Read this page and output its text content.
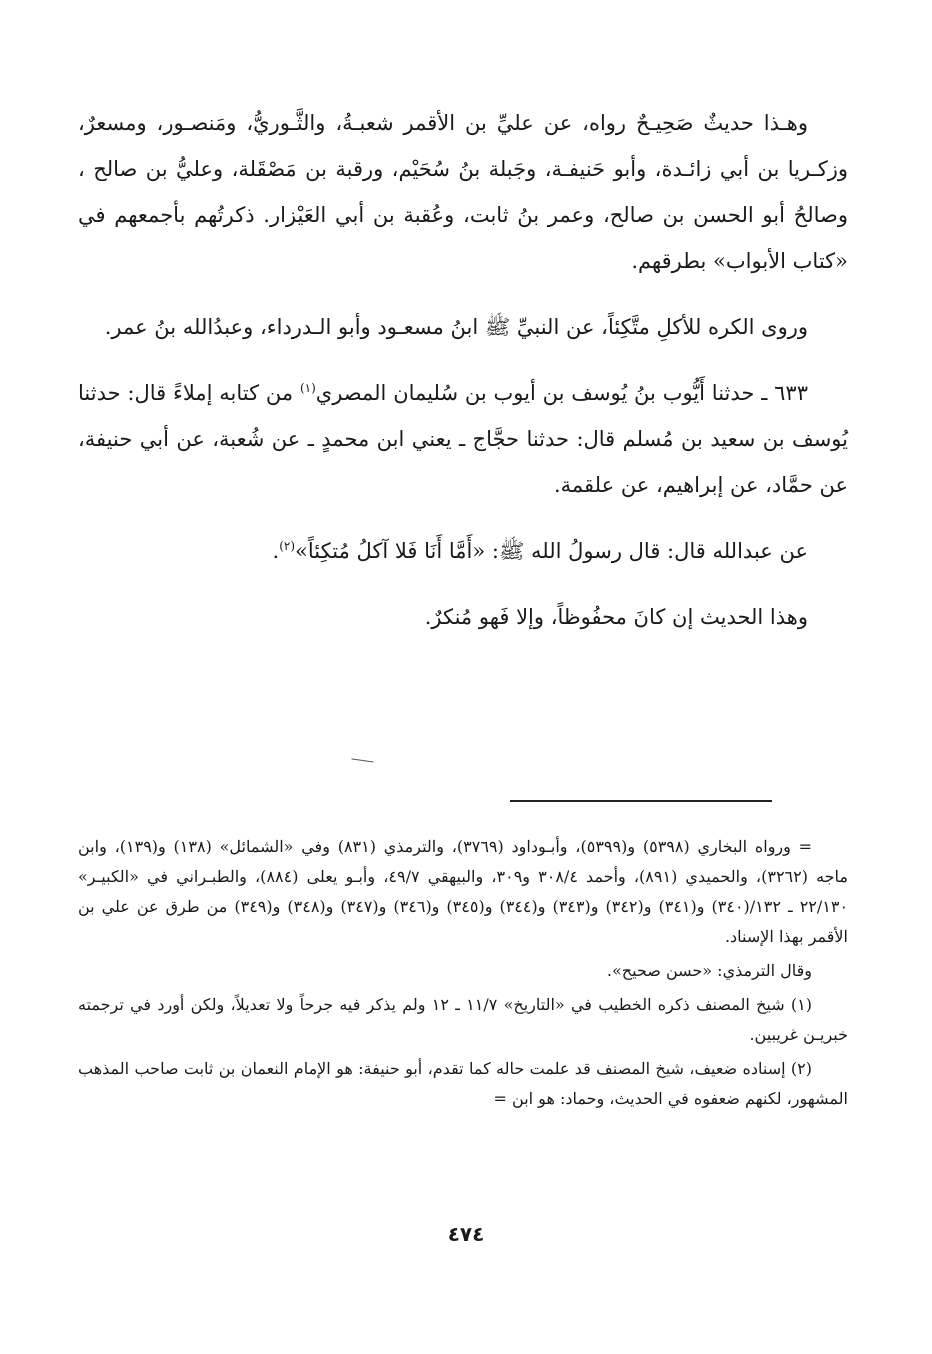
وهـذا حديثٌ صَحِيـحٌ رواه، عن عليِّ بن الأقمر شعبـةُ، والثَّـوريُّ، ومَنصـور، ومسعرٌ، وزكـريا بن أبي زائـدة، وأبو حَنيفـة، وجَبلة بنُ سُحَيْم، ورقبة بن مَصْقَلة، وعليُّ بن صالح ، وصالحُ أبو الحسن بن صالح، وعمر بنُ ثابت، وعُقبة بن أبي العَيْزار. ذكرتُهم بأجمعهم في «كتاب الأبواب» بطرقهم.

وروى الكره للأكلِ متَّكِئاً، عن النبيِّ ﷺ ابنُ مسعـود وأبو الـدرداء، وعبدُالله بنُ عمر.

٦٣٣ ـ حدثنا أَيُّوب بنُ يُوسف بن أيوب بن سُليمان المصري$^{(١)}$ من كتابه إملاءً قال: حدثنا يُوسف بن سعيد بن مُسلم قال: حدثنا حجَّاج ـ يعني ابن محمدٍ ـ عن شُعبة، عن أبي حنيفة، عن حمَّاد، عن إبراهيم، عن علقمة.

عن عبدالله قال: قال رسولُ الله ﷺ: «أَمَّا أَنَا فَلا آكلُ مُتكِئاً»$^{(٢)}$.

وهذا الحديث إن كانَ محفُوظاً، وإلا فَهو مُنكرٌ.

= ورواه البخاري (٥٣٩٨) و(٥٣٩٩)، وأبـوداود (٣٧٦٩)، والترمذي (٨٣١) وفي «الشمائل» (١٣٨) و(١٣٩)، وابن ماجه (٣٢٦٢)، والحميدي (٨٩١)، وأحمد ٣٠٨/٤ و٣٠٩، والبيهقي ٤٩/٧، وأبـو يعلى (٨٨٤)، والطبـراني في «الكبيـر» ٢٢/١٣٠ ـ ١٣٢/(٣٤٠) و(٣٤١) و(٣٤٢) و(٣٤٣) و(٣٤٤) و(٣٤٥) و(٣٤٦) و(٣٤٧) و(٣٤٨) و(٣٤٩) من طرق عن علي بن الأقمر بهذا الإسناد.

وقال الترمذي: «حسن صحيح».

(١) شيخ المصنف ذكره الخطيب في «التاريخ» ١١/٧ ـ ١٢ ولم يذكر فيه جرحاً ولا تعديلاً، ولكن أورد في ترجمته خبريـن غريبين.

(٢) إسناده ضعيف، شيخ المصنف قد علمت حاله كما تقدم، أبو حنيفة: هو الإمام النعمان بن ثابت صاحب المذهب المشهور، لكنهم ضعفوه في الحديث، وحماد: هو ابن =

٤٧٤
